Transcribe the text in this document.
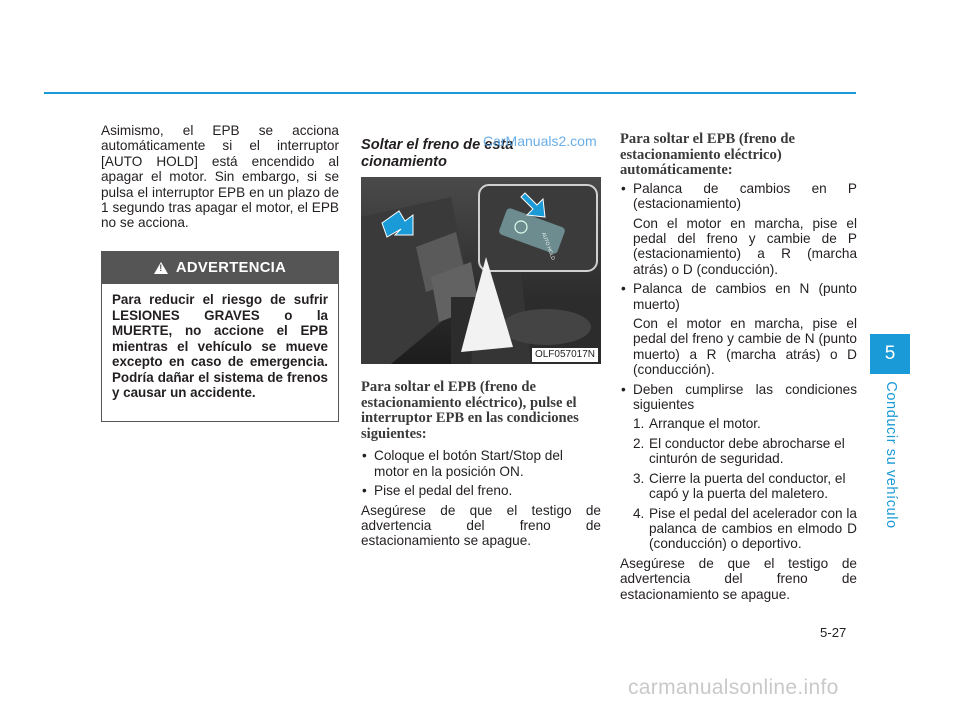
Asimismo, el EPB se acciona automáticamente si el interruptor [AUTO HOLD] está encendido al apagar el motor. Sin embargo, si se pulsa el interruptor EPB en un plazo de 1 segundo tras apagar el motor, el EPB no se acciona.

! ADVERTENCIA
Para reducir el riesgo de sufrir LESIONES GRAVES o la MUERTE, no accione el EPB mientras el vehículo se mueve excepto en caso de emergencia. Podría dañar el sistema de frenos y causar un accidente.

Soltar el freno de esta cionamiento

AUTO HOLD
OLF057017N

Para soltar el EPB (freno de estacionamiento eléctrico), pulse el interruptor EPB en las condiciones siguientes:

• Coloque el botón Start/Stop del motor en la posición ON.

• Pise el pedal del freno.

Asegúrese de que el testigo de advertencia del freno de estacionamiento se apague.

Para soltar el EPB (freno de estacionamiento eléctrico) automáticamente:

• Palanca de cambios en P (estacionamiento)

Con el motor en marcha, pise el pedal del freno y cambie de P (estacionamiento) a R (marcha atrás) o D (conducción).

• Palanca de cambios en N (punto muerto)

Con el motor en marcha, pise el pedal del freno y cambie de N (punto muerto) a R (marcha atrás) o D (conducción).

• Deben cumplirse las condiciones siguientes

1. Arranque el motor.

2. El conductor debe abrocharse el cinturón de seguridad.

3. Cierre la puerta del conductor, el capó y la puerta del maletero.

4. Pise el pedal del acelerador con la palanca de cambios en elmodo D (conducción) o deportivo.

Asegúrese de que el testigo de advertencia del freno de estacionamiento se apague.

5
Conducir su vehículo
5-27
CarManuals2.com
carmanualsonline.info
